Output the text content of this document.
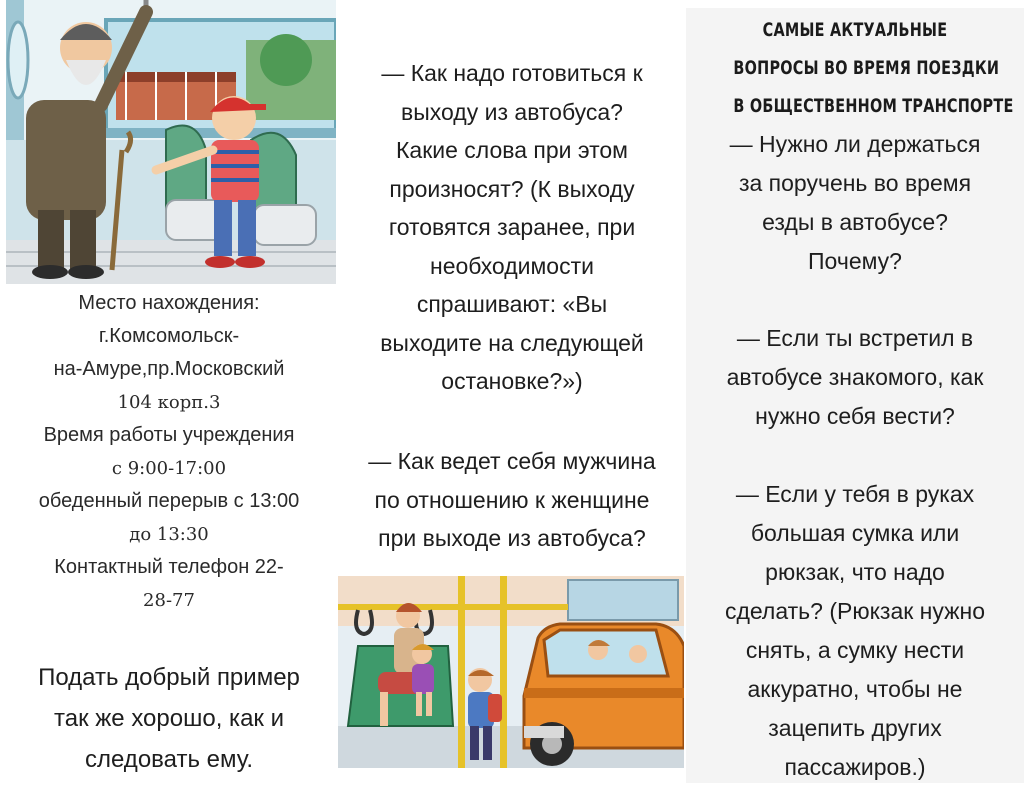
Место нахождения:
г.Комсомольск-
на-Амуре,пр.Московский
104 корп.3
Время работы учреждения
с 9:00-17:00
обеденный перерыв с 13:00
до 13:30
Контактный телефон 22-
28-77
Подать добрый пример
так же хорошо, как и
следовать ему.
— Как надо готовиться к
выходу из автобуса?
Какие слова при этом
произносят? (К выходу
готовятся заранее, при
необходимости
спрашивают: «Вы
выходите на следующей
остановке?»)
— Как ведет себя мужчина
по отношению к женщине
при выходе из автобуса?
САМЫЕ АКТУАЛЬНЫЕ
ВОПРОСЫ ВО ВРЕМЯ ПОЕЗДКИ
В ОБЩЕСТВЕННОМ ТРАНСПОРТЕ
— Нужно ли держаться
за поручень во время
езды в автобусе?
Почему?
— Если ты встретил в
автобусе знакомого, как
нужно себя вести?
— Если у тебя в руках
большая сумка или
рюкзак, что надо
сделать? (Рюкзак нужно
снять, а сумку нести
аккуратно, чтобы не
зацепить других
пассажиров.)
